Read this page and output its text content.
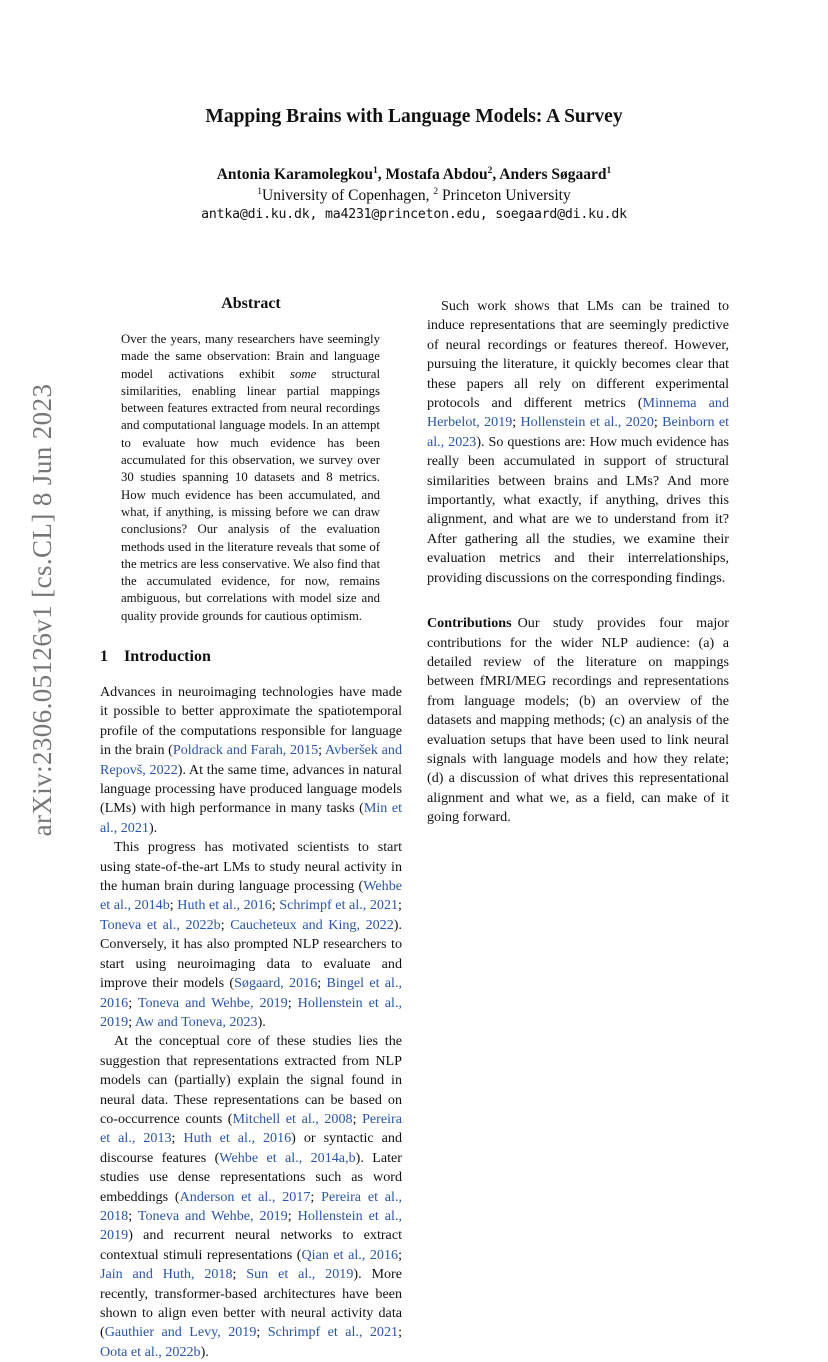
arXiv:2306.05126v1 [cs.CL] 8 Jun 2023
Mapping Brains with Language Models: A Survey
Antonia Karamolegkou$^1$, Mostafa Abdou$^2$, Anders Søgaard$^1$
$^1$University of Copenhagen, $^2$ Princeton University
antka@di.ku.dk, ma4231@princeton.edu, soegaard@di.ku.dk
Abstract
Over the years, many researchers have seemingly made the same observation: Brain and language model activations exhibit some structural similarities, enabling linear partial mappings between features extracted from neural recordings and computational language models. In an attempt to evaluate how much evidence has been accumulated for this observation, we survey over 30 studies spanning 10 datasets and 8 metrics. How much evidence has been accumulated, and what, if anything, is missing before we can draw conclusions? Our analysis of the evaluation methods used in the literature reveals that some of the metrics are less conservative. We also find that the accumulated evidence, for now, remains ambiguous, but correlations with model size and quality provide grounds for cautious optimism.
1 Introduction

Advances in neuroimaging technologies have made it possible to better approximate the spatiotemporal profile of the computations responsible for language in the brain (Poldrack and Farah, 2015; Avberšek and Repovš, 2022). At the same time, advances in natural language processing have produced language models (LMs) with high performance in many tasks (Min et al., 2021).

This progress has motivated scientists to start using state-of-the-art LMs to study neural activity in the human brain during language processing (Wehbe et al., 2014b; Huth et al., 2016; Schrimpf et al., 2021; Toneva et al., 2022b; Caucheteux and King, 2022). Conversely, it has also prompted NLP researchers to start using neuroimaging data to evaluate and improve their models (Søgaard, 2016; Bingel et al., 2016; Toneva and Wehbe, 2019; Hollenstein et al., 2019; Aw and Toneva, 2023).

At the conceptual core of these studies lies the suggestion that representations extracted from NLP models can (partially) explain the signal found in neural data. These representations can be based on co-occurrence counts (Mitchell et al., 2008; Pereira et al., 2013; Huth et al., 2016) or syntactic and discourse features (Wehbe et al., 2014a,b). Later studies use dense representations such as word embeddings (Anderson et al., 2017; Pereira et al., 2018; Toneva and Wehbe, 2019; Hollenstein et al., 2019) and recurrent neural networks to extract contextual stimuli representations (Qian et al., 2016; Jain and Huth, 2018; Sun et al., 2019). More recently, transformer-based architectures have been shown to align even better with neural activity data (Gauthier and Levy, 2019; Schrimpf et al., 2021; Oota et al., 2022b).

Such work shows that LMs can be trained to induce representations that are seemingly predictive of neural recordings or features thereof. However, pursuing the literature, it quickly becomes clear that these papers all rely on different experimental protocols and different metrics (Minnema and Herbelot, 2019; Hollenstein et al., 2020; Beinborn et al., 2023). So questions are: How much evidence has really been accumulated in support of structural similarities between brains and LMs? And more importantly, what exactly, if anything, drives this alignment, and what are we to understand from it? After gathering all the studies, we examine their evaluation metrics and their interrelationships, providing discussions on the corresponding findings.

Contributions Our study provides four major contributions for the wider NLP audience: (a) a detailed review of the literature on mappings between fMRI/MEG recordings and representations from language models; (b) an overview of the datasets and mapping methods; (c) an analysis of the evaluation setups that have been used to link neural signals with language models and how they relate; (d) a discussion of what drives this representational alignment and what we, as a field, can make of it going forward.
